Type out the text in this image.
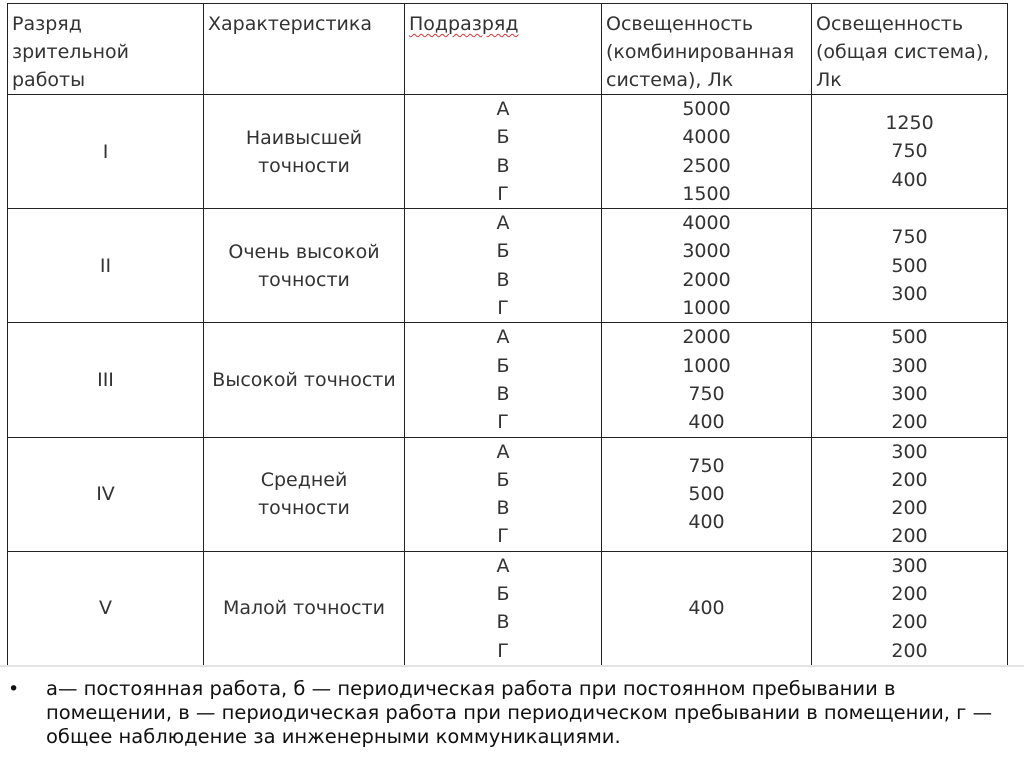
Разряд
зрительной
работы	Характеристика	Подразряд	Освещенность
(комбинированная
система), Лк	Освещенность
(общая система),
Лк
I	Наивысшей точности	А
Б
В
Г	5000
4000
2500
1500	1250
750
400

II	Очень высокой точности	А
Б
В
Г	4000
3000
2000
1000	750
500
300

III	Высокой точности	А
Б
В
Г	2000
1000
750
400	500
300
300
200

IV	Средней точности	А
Б
В
Г	750
500
400	300
200
200
200

V	Малой точности	А
Б
В
Г	400	300
200
200
200
• а— постоянная работа, б — периодическая работа при постоянном пребывании в помещении, в — периодическая работа при периодическом пребывании в помещении, г — общее наблюдение за инженерными коммуникациями.
